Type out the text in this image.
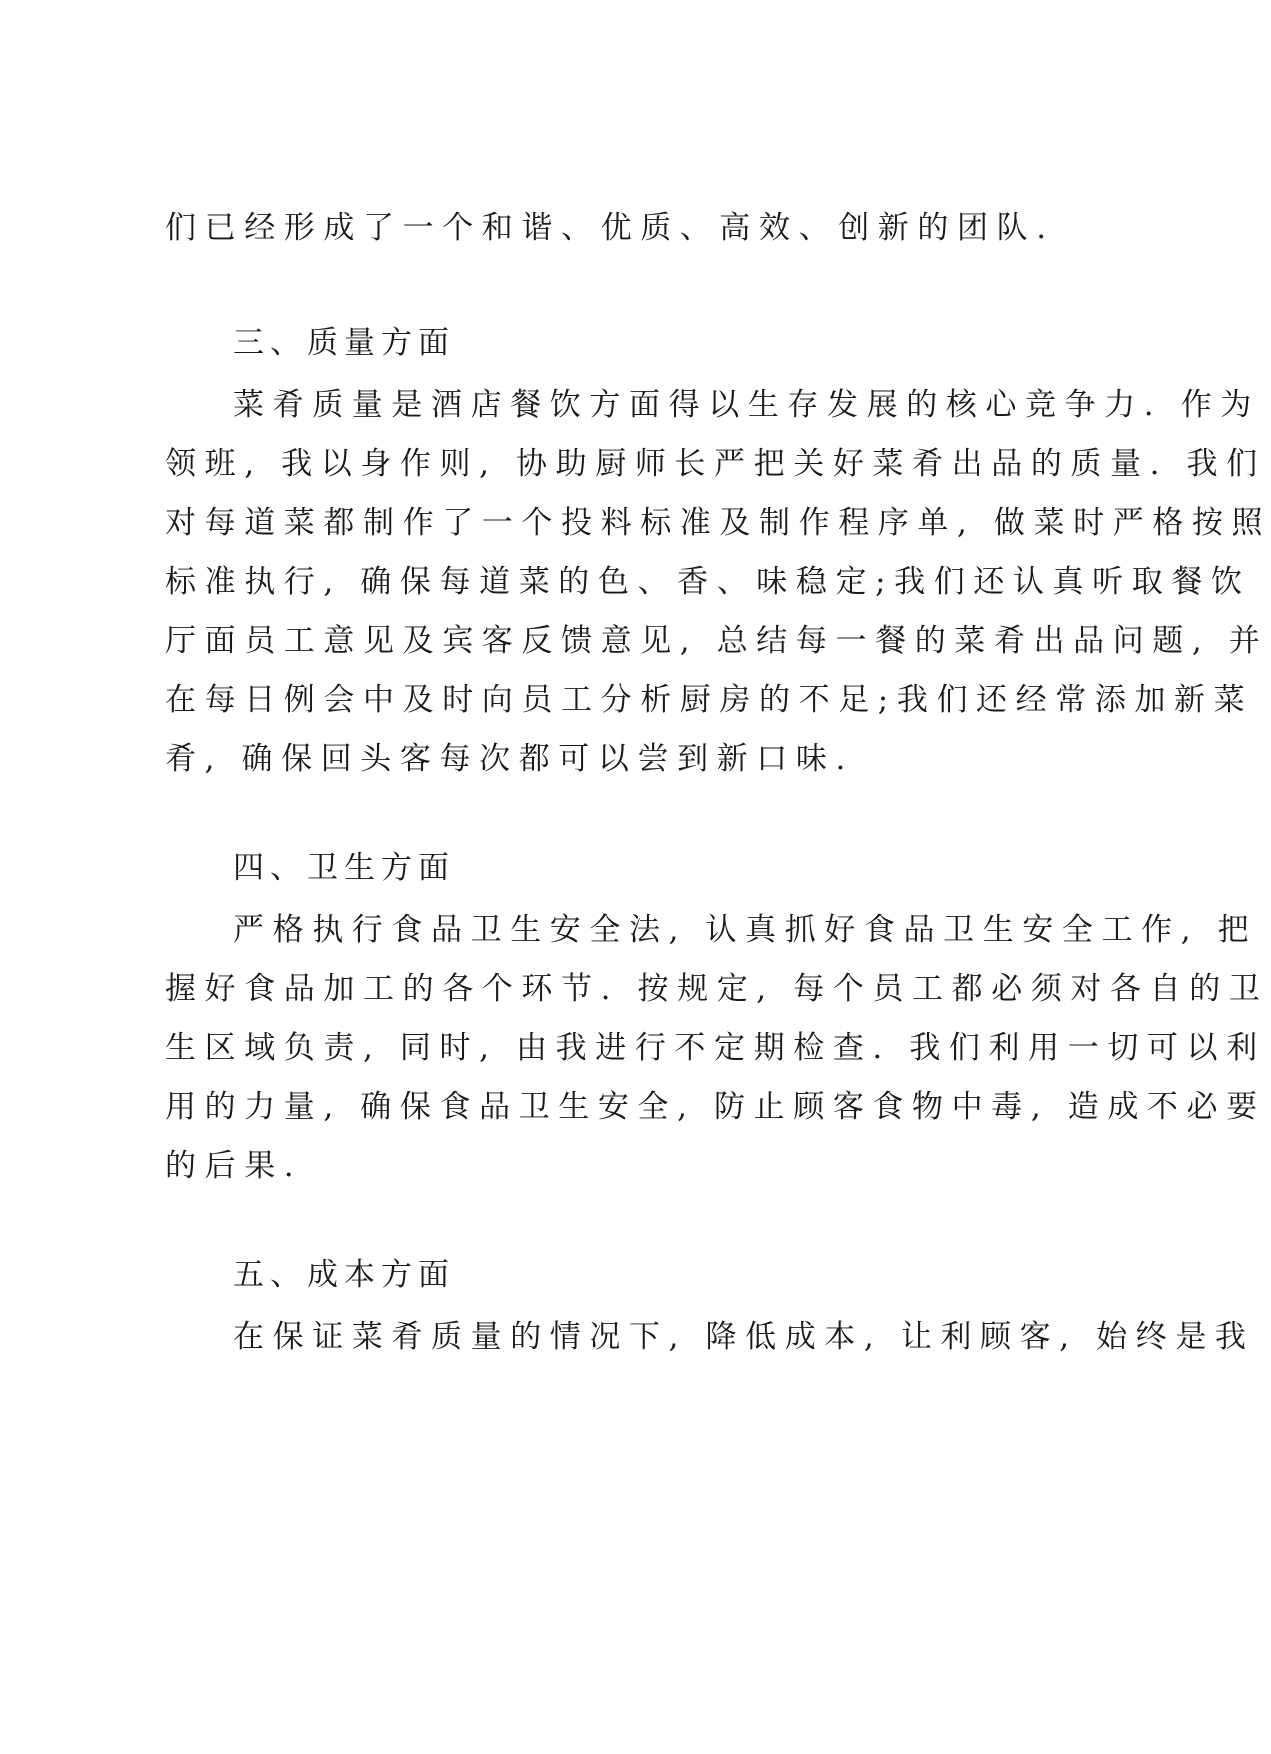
们已经形成了一个和谐、优质、高效、创新的团队.
三、质量方面
菜肴质量是酒店餐饮方面得以生存发展的核心竞争力. 作为
领班, 我以身作则, 协助厨师长严把关好菜肴出品的质量. 我们
对每道菜都制作了一个投料标准及制作程序单, 做菜时严格按照
标准执行, 确保每道菜的色、香、味稳定;我们还认真听取餐饮
厅面员工意见及宾客反馈意见, 总结每一餐的菜肴出品问题, 并
在每日例会中及时向员工分析厨房的不足;我们还经常添加新菜
肴, 确保回头客每次都可以尝到新口味.
四、卫生方面
严格执行食品卫生安全法, 认真抓好食品卫生安全工作, 把
握好食品加工的各个环节. 按规定, 每个员工都必须对各自的卫
生区域负责, 同时, 由我进行不定期检查. 我们利用一切可以利
用的力量, 确保食品卫生安全, 防止顾客食物中毒, 造成不必要
的后果.
五、成本方面
在保证菜肴质量的情况下, 降低成本, 让利顾客, 始终是我
